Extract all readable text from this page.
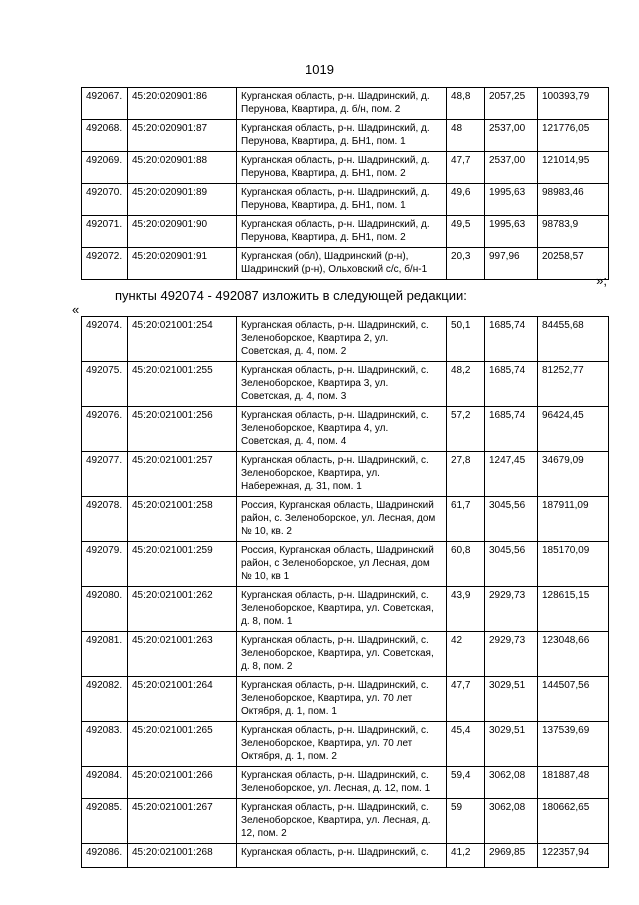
1019
492067.	45:20:020901:86	Курганская область, р-н. Шадринский, д. Перунова, Квартира, д. б/н, пом. 2	48,8	2057,25	100393,79
492068.	45:20:020901:87	Курганская область, р-н. Шадринский, д. Перунова, Квартира, д. БН1, пом. 1	48	2537,00	121776,05
492069.	45:20:020901:88	Курганская область, р-н. Шадринский, д. Перунова, Квартира, д. БН1, пом. 2	47,7	2537,00	121014,95
492070.	45:20:020901:89	Курганская область, р-н. Шадринский, д. Перунова, Квартира, д. БН1, пом. 1	49,6	1995,63	98983,46
492071.	45:20:020901:90	Курганская область, р-н. Шадринский, д. Перунова, Квартира, д. БН1, пом. 2	49,5	1995,63	98783,9
492072.	45:20:020901:91	Курганская (обл), Шадринский (р-н), Шадринский (р-н), Ольховский с/с, б/н-1	20,3	997,96	20258,57
»;
пункты 492074 - 492087 изложить в следующей редакции:
«
492074.	45:20:021001:254	Курганская область, р-н. Шадринский, с. Зеленоборское, Квартира 2, ул. Советская, д. 4, пом. 2	50,1	1685,74	84455,68
492075.	45:20:021001:255	Курганская область, р-н. Шадринский, с. Зеленоборское, Квартира 3, ул. Советская, д. 4, пом. 3	48,2	1685,74	81252,77
492076.	45:20:021001:256	Курганская область, р-н. Шадринский, с. Зеленоборское, Квартира 4, ул. Советская, д. 4, пом. 4	57,2	1685,74	96424,45
492077.	45:20:021001:257	Курганская область, р-н. Шадринский, с. Зеленоборское, Квартира, ул. Набережная, д. 31, пом. 1	27,8	1247,45	34679,09
492078.	45:20:021001:258	Россия, Курганская область, Шадринский район, с. Зеленоборское, ул. Лесная, дом № 10, кв. 2	61,7	3045,56	187911,09
492079.	45:20:021001:259	Россия, Курганская область, Шадринский район, с Зеленоборское, ул Лесная, дом № 10, кв 1	60,8	3045,56	185170,09
492080.	45:20:021001:262	Курганская область, р-н. Шадринский, с. Зеленоборское, Квартира, ул. Советская, д. 8, пом. 1	43,9	2929,73	128615,15
492081.	45:20:021001:263	Курганская область, р-н. Шадринский, с. Зеленоборское, Квартира, ул. Советская, д. 8, пом. 2	42	2929,73	123048,66
492082.	45:20:021001:264	Курганская область, р-н. Шадринский, с. Зеленоборское, Квартира, ул. 70 лет Октября, д. 1, пом. 1	47,7	3029,51	144507,56
492083.	45:20:021001:265	Курганская область, р-н. Шадринский, с. Зеленоборское, Квартира, ул. 70 лет Октября, д. 1, пом. 2	45,4	3029,51	137539,69
492084.	45:20:021001:266	Курганская область, р-н. Шадринский, с. Зеленоборское, ул. Лесная, д. 12, пом. 1	59,4	3062,08	181887,48
492085.	45:20:021001:267	Курганская область, р-н. Шадринский, с. Зеленоборское, Квартира, ул. Лесная, д. 12, пом. 2	59	3062,08	180662,65
492086.	45:20:021001:268	Курганская область, р-н. Шадринский, с.	41,2	2969,85	122357,94
